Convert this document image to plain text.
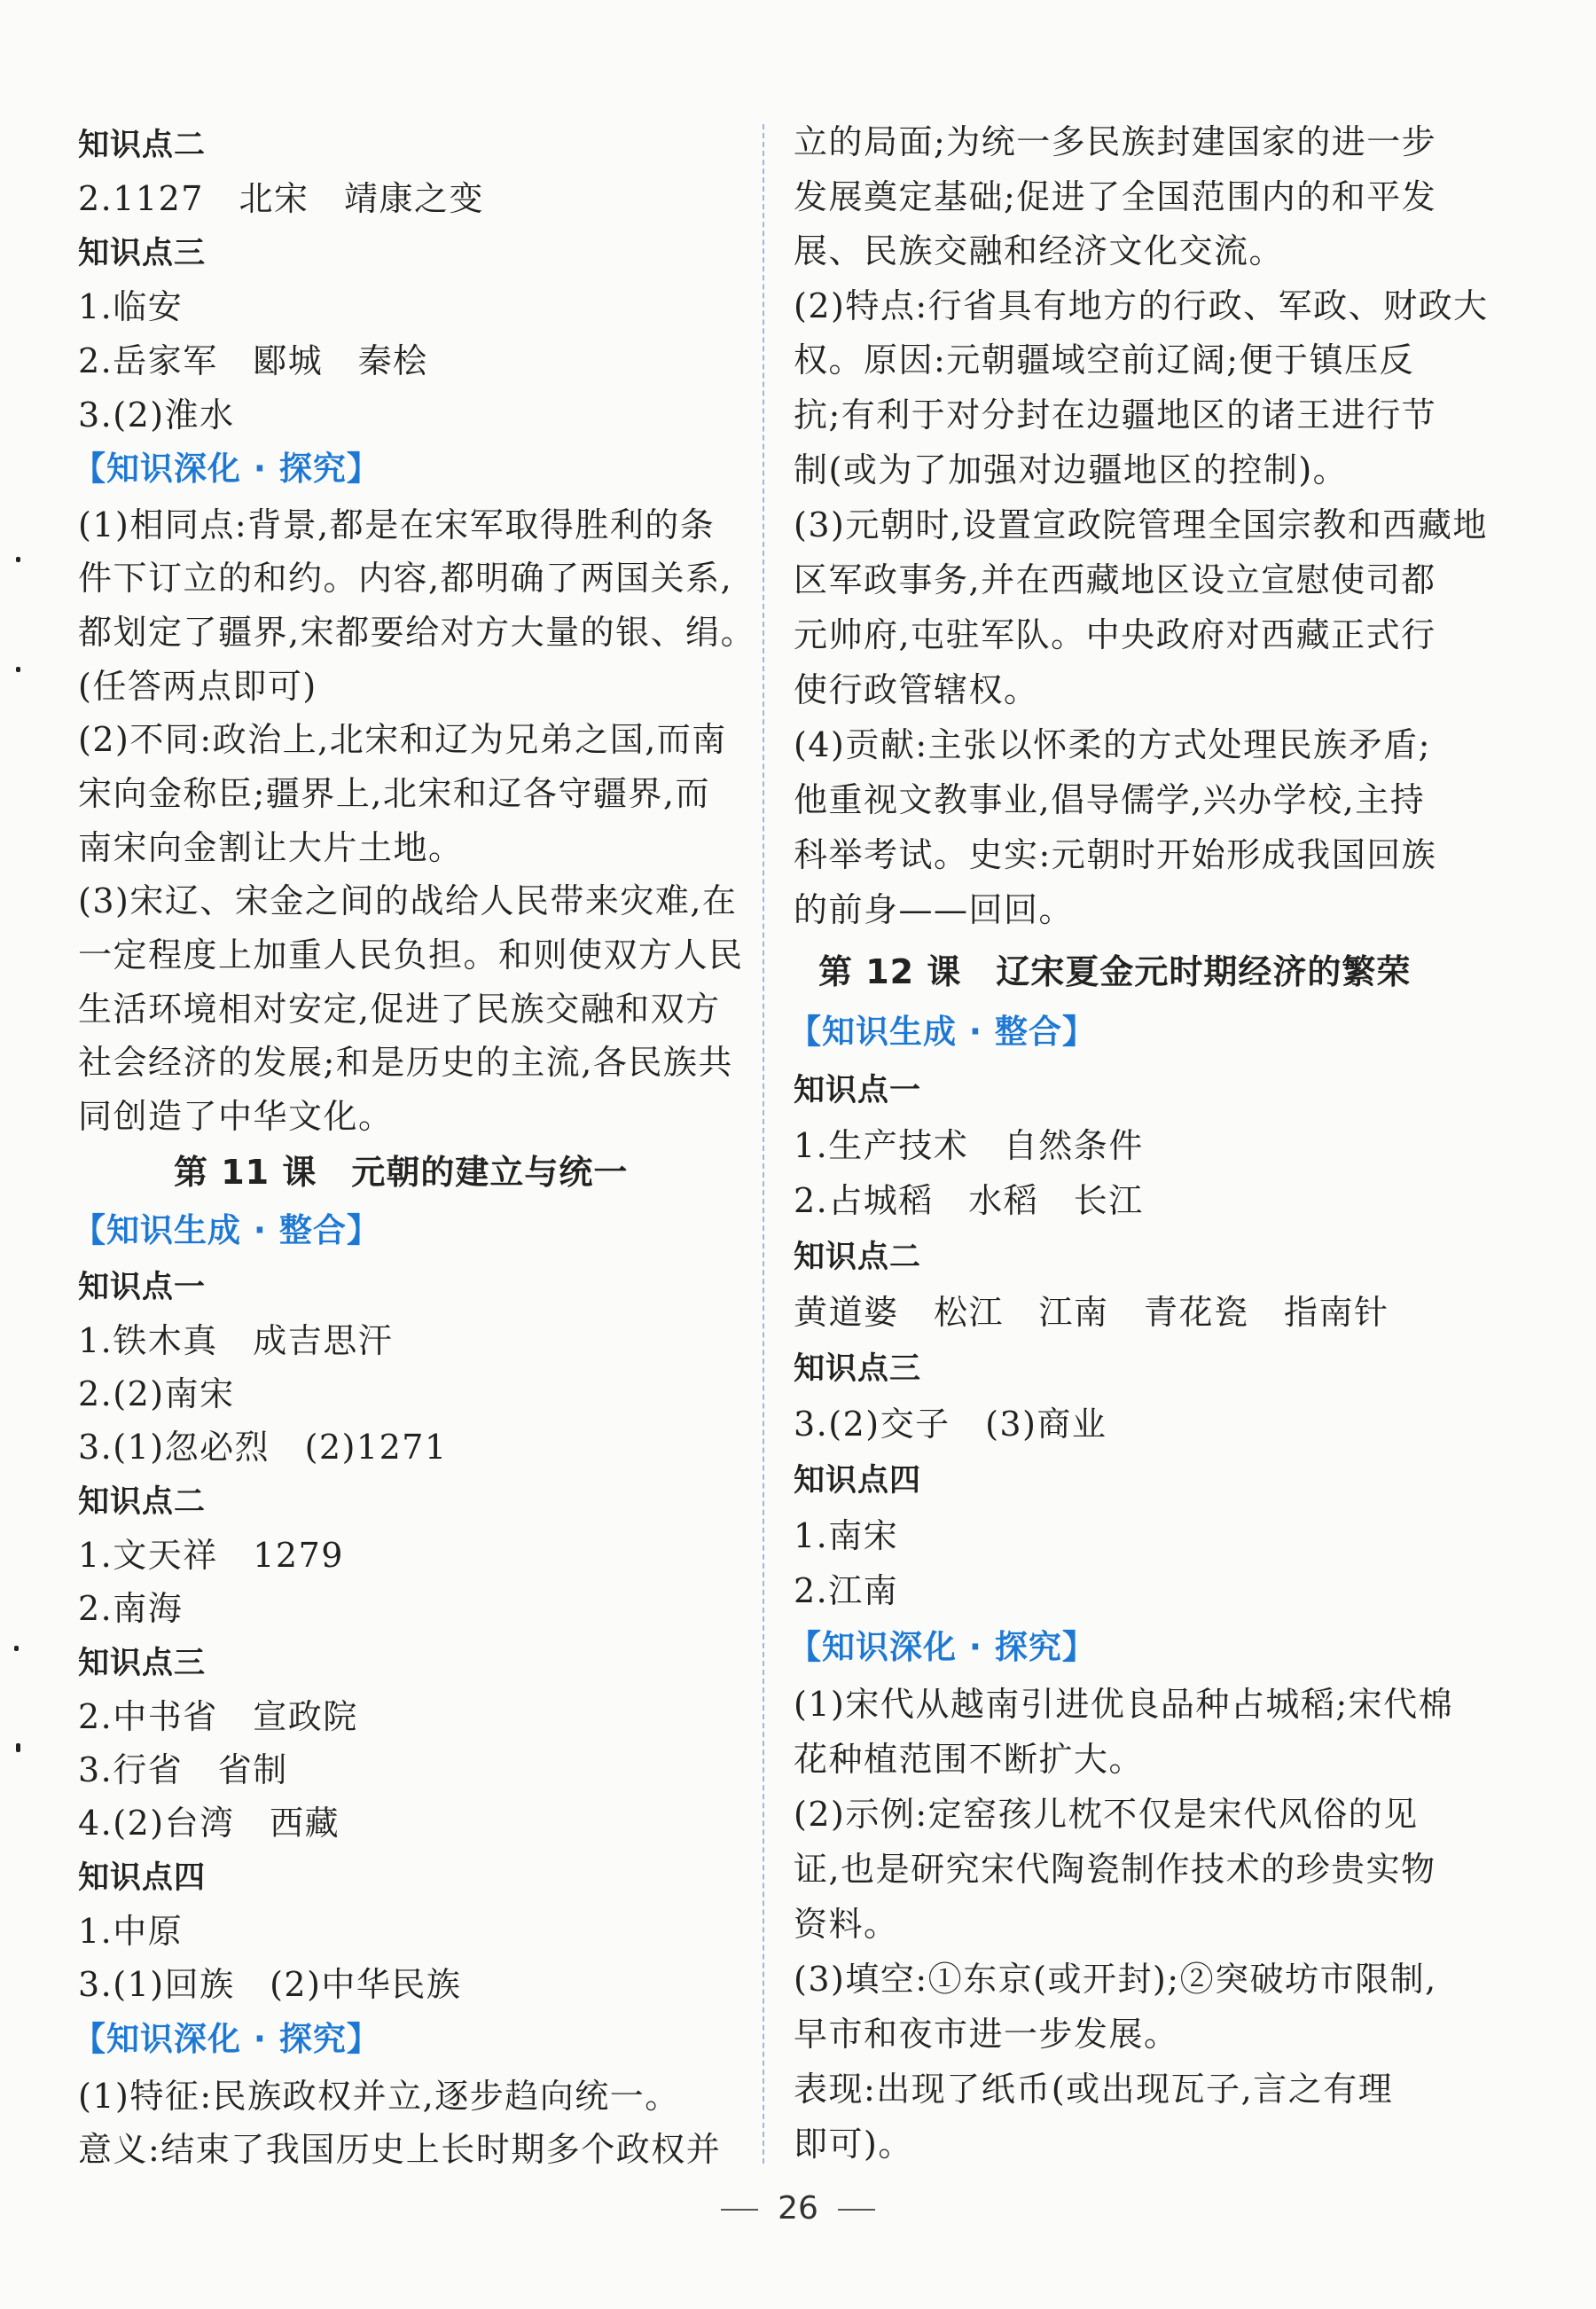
知识点二
2.1127　北宋　靖康之变
知识点三
1.临安
2.岳家军　郾城　秦桧
3.(2)淮水
【知识深化 · 探究】
(1)相同点:背景,都是在宋军取得胜利的条
件下订立的和约。内容,都明确了两国关系,
都划定了疆界,宋都要给对方大量的银、绢。
(任答两点即可)
(2)不同:政治上,北宋和辽为兄弟之国,而南
宋向金称臣;疆界上,北宋和辽各守疆界,而
南宋向金割让大片土地。
(3)宋辽、宋金之间的战给人民带来灾难,在
一定程度上加重人民负担。和则使双方人民
生活环境相对安定,促进了民族交融和双方
社会经济的发展;和是历史的主流,各民族共
同创造了中华文化。
第 11 课　元朝的建立与统一
【知识生成 · 整合】
知识点一
1.铁木真　成吉思汗
2.(2)南宋
3.(1)忽必烈　(2)1271
知识点二
1.文天祥　1279
2.南海
知识点三
2.中书省　宣政院
3.行省　省制
4.(2)台湾　西藏
知识点四
1.中原
3.(1)回族　(2)中华民族
【知识深化 · 探究】
(1)特征:民族政权并立,逐步趋向统一。
意义:结束了我国历史上长时期多个政权并
立的局面;为统一多民族封建国家的进一步
发展奠定基础;促进了全国范围内的和平发
展、民族交融和经济文化交流。
(2)特点:行省具有地方的行政、军政、财政大
权。原因:元朝疆域空前辽阔;便于镇压反
抗;有利于对分封在边疆地区的诸王进行节
制(或为了加强对边疆地区的控制)。
(3)元朝时,设置宣政院管理全国宗教和西藏地
区军政事务,并在西藏地区设立宣慰使司都
元帅府,屯驻军队。中央政府对西藏正式行
使行政管辖权。
(4)贡献:主张以怀柔的方式处理民族矛盾;
他重视文教事业,倡导儒学,兴办学校,主持
科举考试。史实:元朝时开始形成我国回族
的前身——回回。
第 12 课　辽宋夏金元时期经济的繁荣
【知识生成 · 整合】
知识点一
1.生产技术　自然条件
2.占城稻　水稻　长江
知识点二
黄道婆　松江　江南　青花瓷　指南针
知识点三
3.(2)交子　(3)商业
知识点四
1.南宋
2.江南
【知识深化 · 探究】
(1)宋代从越南引进优良品种占城稻;宋代棉
花种植范围不断扩大。
(2)示例:定窑孩儿枕不仅是宋代风俗的见
证,也是研究宋代陶瓷制作技术的珍贵实物
资料。
(3)填空:①东京(或开封);②突破坊市限制,
早市和夜市进一步发展。
表现:出现了纸币(或出现瓦子,言之有理
即可)。
26
